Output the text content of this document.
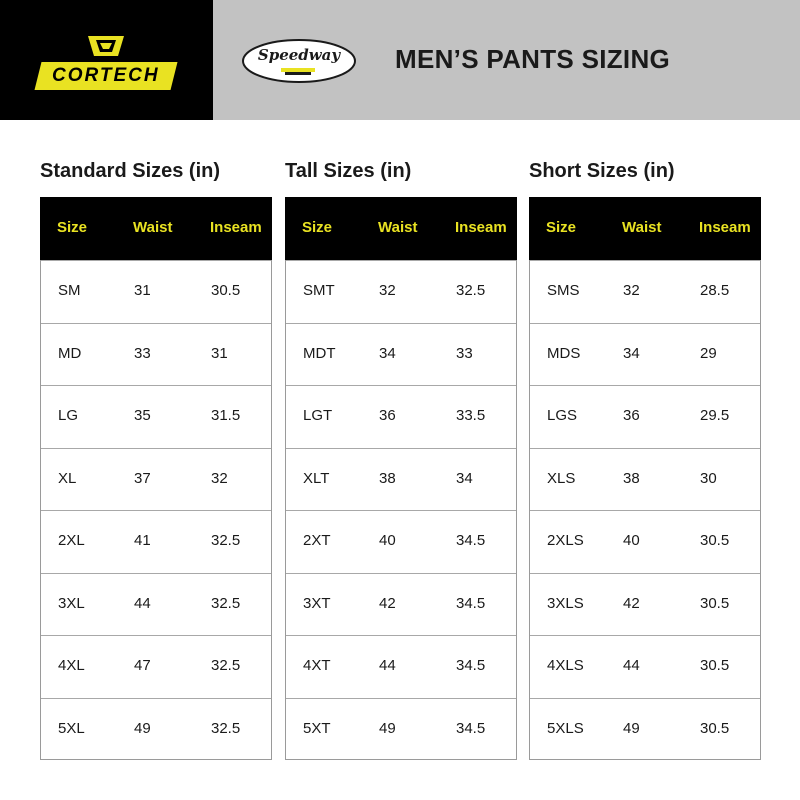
CORTECH
Speedway	MEN’S PANTS SIZING
Standard Sizes (in)
Size	Waist	Inseam
SM	31	30.5
MD	33	31
LG	35	31.5
XL	37	32
2XL	41	32.5
3XL	44	32.5
4XL	47	32.5
5XL	49	32.5
Tall Sizes (in)
Size	Waist	Inseam
SMT	32	32.5
MDT	34	33
LGT	36	33.5
XLT	38	34
2XT	40	34.5
3XT	42	34.5
4XT	44	34.5
5XT	49	34.5
Short Sizes (in)
Size	Waist	Inseam
SMS	32	28.5
MDS	34	29
LGS	36	29.5
XLS	38	30
2XLS	40	30.5
3XLS	42	30.5
4XLS	44	30.5
5XLS	49	30.5
